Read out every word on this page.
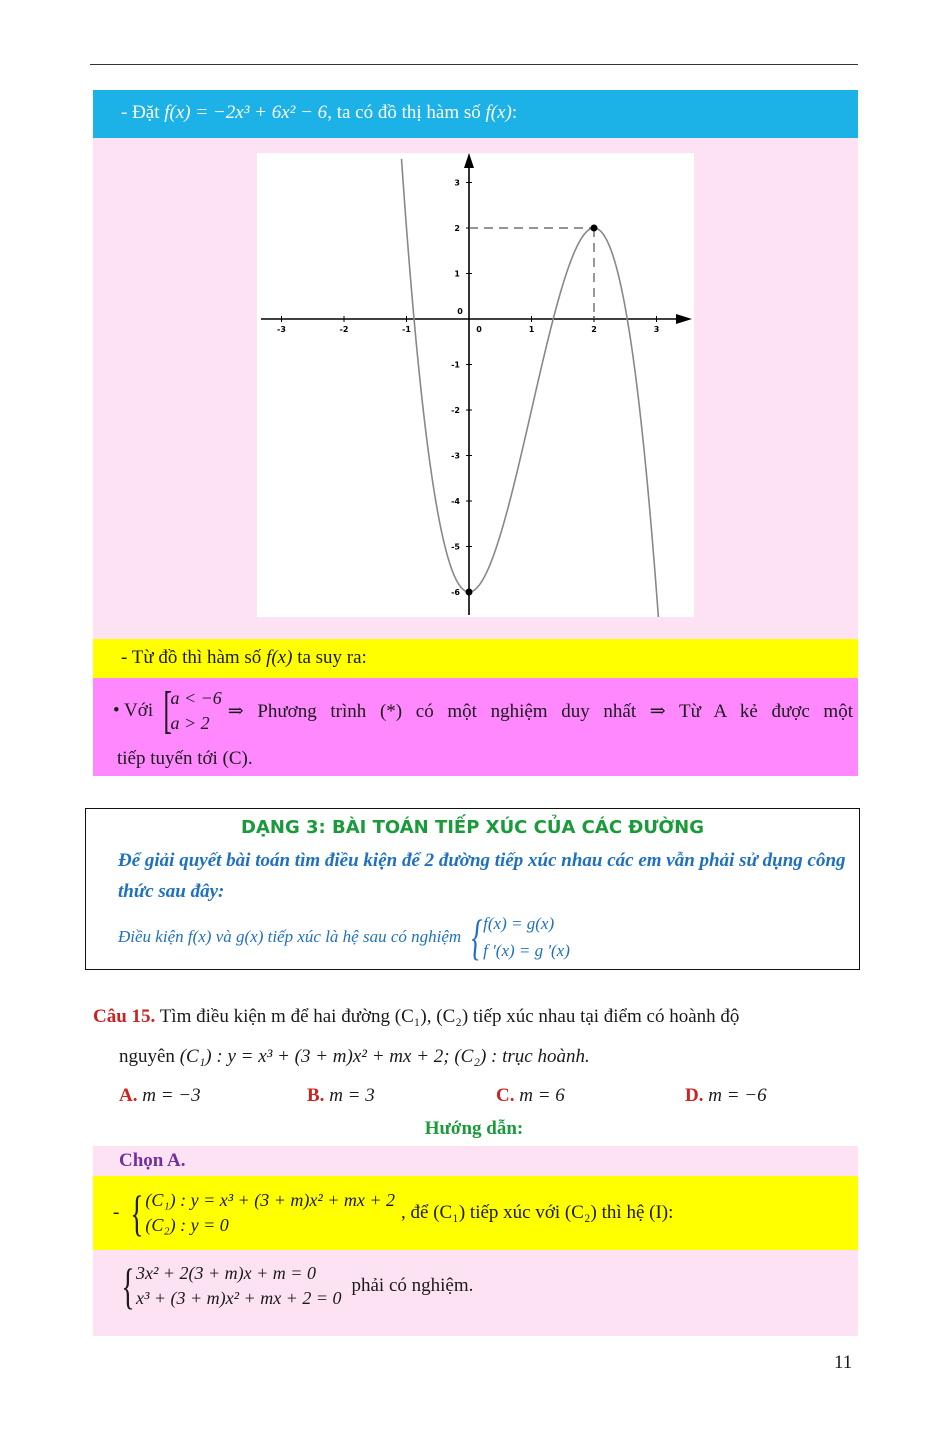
- Đặt f(x) = −2x³ + 6x² − 6, ta có đồ thị hàm số f(x):
-3	-2	-1	0	1	2	3
3
2
1
0
-1
-2
-3
-4
-5
-6
- Từ đồ thì hàm số f(x) ta suy ra:
• Với [
a < −6
a > 2
⇒ Phương trình (*) có một nghiệm duy nhất ⇒ Từ A kẻ được một
tiếp tuyến tới (C).
DẠNG 3: BÀI TOÁN TIẾP XÚC CỦA CÁC ĐƯỜNG
Để giải quyết bài toán tìm điều kiện để 2 đường tiếp xúc nhau các em vẫn phải sử dụng công thức sau đây:
Điều kiện f(x) và g(x) tiếp xúc là hệ sau có nghiệm { f(x) = g(x)
f '(x) = g '(x)
Câu 15. Tìm điều kiện m để hai đường (C₁), (C₂) tiếp xúc nhau tại điểm có hoành độ
nguyên (C₁) : y = x³ + (3 + m)x² + mx + 2; (C₂) : trục hoành.
A. m = −3	B. m = 3	C. m = 6	D. m = −6
Hướng dẫn:
Chọn A.
- { (C₁) : y = x³ + (3 + m)x² + mx + 2
(C₂) : y = 0
, để (C₁) tiếp xúc với (C₂) thì hệ (I):
{ 3x² + 2(3 + m)x + m = 0
x³ + (3 + m)x² + mx + 2 = 0
phải có nghiệm.
11
